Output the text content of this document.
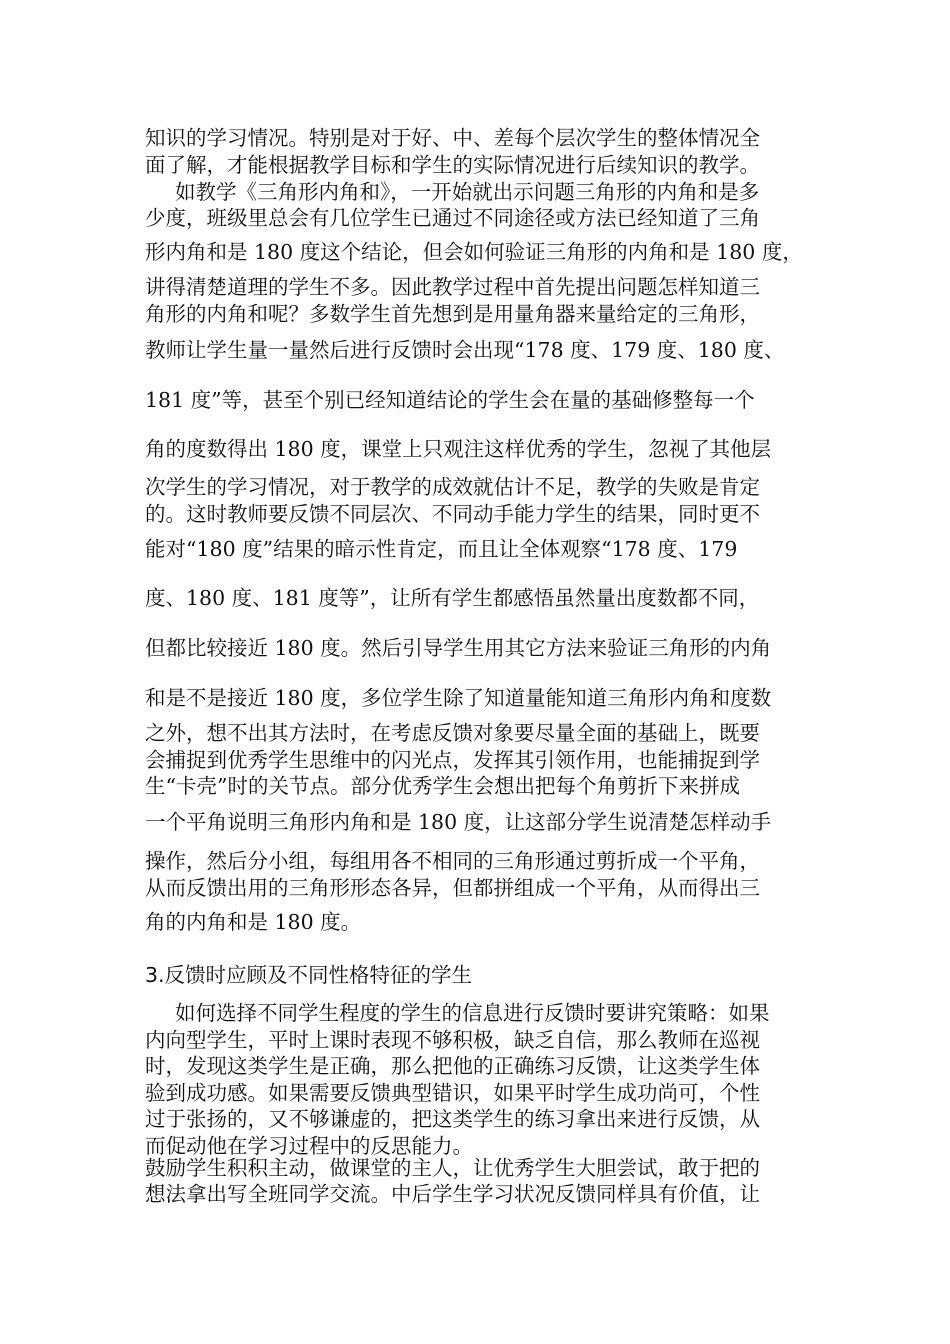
知识的学习情况。特别是对于好、中、差每个层次学生的整体情况全
面了解，才能根据教学目标和学生的实际情况进行后续知识的教学。
如教学《三角形内角和》，一开始就出示问题三角形的内角和是多
少度，班级里总会有几位学生已通过不同途径或方法已经知道了三角
形内角和是 180 度这个结论，但会如何验证三角形的内角和是 180 度，
讲得清楚道理的学生不多。因此教学过程中首先提出问题怎样知道三
角形的内角和呢？多数学生首先想到是用量角器来量给定的三角形，
教师让学生量一量然后进行反馈时会出现“178 度、179 度、180 度、
181 度”等，甚至个别已经知道结论的学生会在量的基础修整每一个
角的度数得出 180 度，课堂上只观注这样优秀的学生，忽视了其他层
次学生的学习情况，对于教学的成效就估计不足，教学的失败是肯定
的。这时教师要反馈不同层次、不同动手能力学生的结果，同时更不
能对“180 度”结果的暗示性肯定，而且让全体观察“178 度、179
度、180 度、181 度等”，让所有学生都感悟虽然量出度数都不同，
但都比较接近 180 度。然后引导学生用其它方法来验证三角形的内角
和是不是接近 180 度，多位学生除了知道量能知道三角形内角和度数
之外，想不出其方法时，在考虑反馈对象要尽量全面的基础上，既要
会捕捉到优秀学生思维中的闪光点，发挥其引领作用，也能捕捉到学
生“卡壳”时的关节点。部分优秀学生会想出把每个角剪折下来拼成
一个平角说明三角形内角和是 180 度，让这部分学生说清楚怎样动手
操作，然后分小组，每组用各不相同的三角形通过剪折成一个平角，
从而反馈出用的三角形形态各异，但都拼组成一个平角，从而得出三
角的内角和是 180 度。
3.反馈时应顾及不同性格特征的学生
如何选择不同学生程度的学生的信息进行反馈时要讲究策略：如果
内向型学生，平时上课时表现不够积极，缺乏自信，那么教师在巡视
时，发现这类学生是正确，那么把他的正确练习反馈，让这类学生体
验到成功感。如果需要反馈典型错识，如果平时学生成功尚可，个性
过于张扬的，又不够谦虚的，把这类学生的练习拿出来进行反馈，从
而促动他在学习过程中的反思能力。
鼓励学生积积主动，做课堂的主人，让优秀学生大胆尝试，敢于把的
想法拿出写全班同学交流。中后学生学习状况反馈同样具有价值，让
